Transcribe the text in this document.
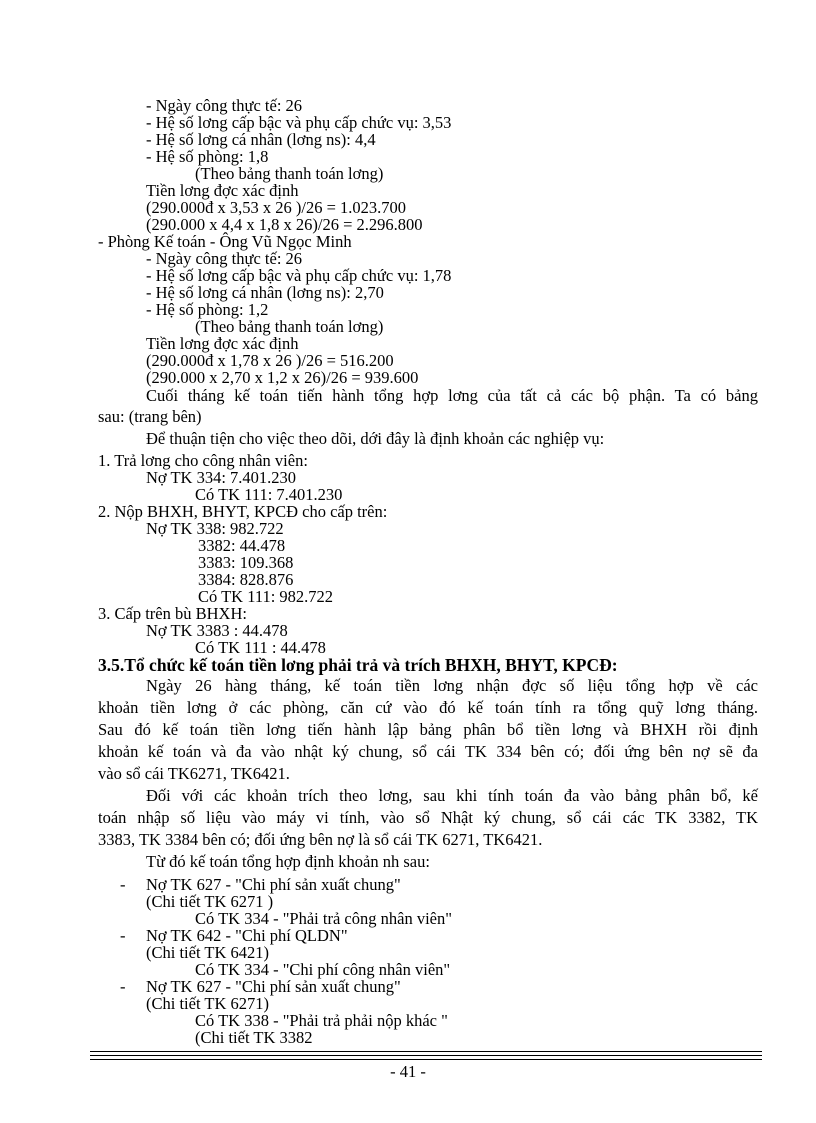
- Ngày công thực tế: 26
- Hệ số lơng cấp bậc và phụ cấp chức vụ: 3,53
- Hệ số lơng cá nhân (lơng ns): 4,4
- Hệ số phòng: 1,8
(Theo bảng thanh toán lơng)
Tiền lơng đợc xác định
(290.000đ x 3,53 x 26 )/26 = 1.023.700
(290.000 x 4,4 x 1,8 x 26)/26 = 2.296.800
- Phòng Kế toán - Ông Vũ Ngọc Minh
- Ngày công thực tế: 26
- Hệ số lơng cấp bậc và phụ cấp chức vụ: 1,78
- Hệ số lơng cá nhân (lơng ns): 2,70
- Hệ số phòng: 1,2
(Theo bảng thanh toán lơng)
Tiền lơng đợc xác định
(290.000đ x 1,78 x 26 )/26 = 516.200
(290.000 x 2,70 x 1,2 x 26)/26 = 939.600
Cuối tháng kế toán tiến hành tổng hợp lơng của tất cả các bộ phận. Ta có bảng
sau: (trang bên)
Để thuận tiện cho việc theo dõi, dới đây là định khoản các nghiệp vụ:
1. Trả lơng cho công nhân viên:
Nợ TK 334: 7.401.230
Có TK 111: 7.401.230
2. Nộp BHXH, BHYT, KPCĐ cho cấp trên:
Nợ TK 338: 982.722
3382: 44.478
3383: 109.368
3384: 828.876
Có TK 111: 982.722
3. Cấp trên bù BHXH:
Nợ TK 3383 : 44.478
Có TK 111 : 44.478
3.5.Tổ chức kế toán tiền lơng phải trả và trích BHXH, BHYT, KPCĐ:
Ngày 26 hàng tháng, kế toán tiền lơng nhận đợc số liệu tổng hợp về các
khoản tiền lơng ở các phòng, căn cứ vào đó kế toán tính ra tổng quỹ lơng tháng.
Sau đó kế toán tiền lơng tiến hành lập bảng phân bổ tiền lơng và BHXH rồi định
khoản kế toán và đa vào nhật ký chung, sổ cái TK 334 bên có; đối ứng bên nợ sẽ đa
vào sổ cái TK6271, TK6421.
Đối với các khoản trích theo lơng, sau khi tính toán đa vào bảng phân bổ, kế
toán nhập số liệu vào máy vi tính, vào sổ Nhật ký chung, sổ cái các TK 3382, TK
3383, TK 3384 bên có; đối ứng bên nợ là sổ cái TK 6271, TK6421.
Từ đó kế toán tổng hợp định khoản nh sau:
- Nợ TK 627 - "Chi phí sản xuất chung"
(Chi tiết TK 6271 )
Có TK 334 - "Phải trả công nhân viên"
- Nợ TK 642 - "Chi phí QLDN"
(Chi tiết TK 6421)
Có TK 334 - "Chi phí công nhân viên"
- Nợ TK 627 - "Chi phí sản xuất chung"
(Chi tiết TK 6271)
Có TK 338 - "Phải trả phải nộp khác "
(Chi tiết TK 3382
- 41 -
